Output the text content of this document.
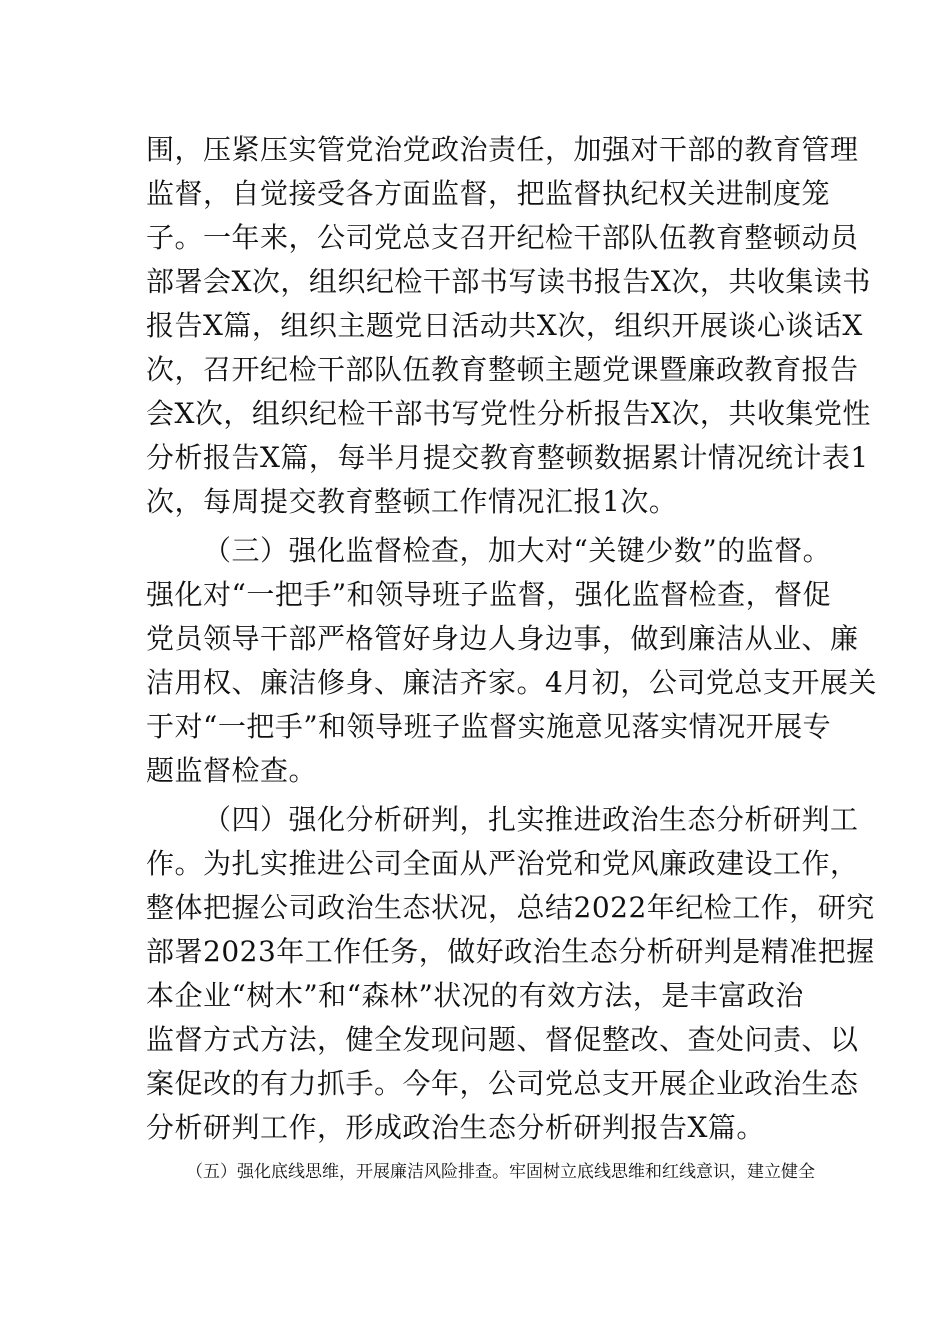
围，压紧压实管党治党政治责任，加强对干部的教育管理
监督，自觉接受各方面监督，把监督执纪权关进制度笼
子。一年来，公司党总支召开纪检干部队伍教育整顿动员
部署会X次，组织纪检干部书写读书报告X次，共收集读书
报告X篇，组织主题党日活动共X次，组织开展谈心谈话X
次，召开纪检干部队伍教育整顿主题党课暨廉政教育报告
会X次，组织纪检干部书写党性分析报告X次，共收集党性
分析报告X篇，每半月提交教育整顿数据累计情况统计表1
次，每周提交教育整顿工作情况汇报1次。
（三）强化监督检查，加大对“关键少数”的监督。
强化对“一把手”和领导班子监督，强化监督检查，督促
党员领导干部严格管好身边人身边事，做到廉洁从业、廉
洁用权、廉洁修身、廉洁齐家。4月初，公司党总支开展关
于对“一把手”和领导班子监督实施意见落实情况开展专
题监督检查。
（四）强化分析研判，扎实推进政治生态分析研判工
作。为扎实推进公司全面从严治党和党风廉政建设工作，
整体把握公司政治生态状况，总结2022年纪检工作，研究
部署2023年工作任务，做好政治生态分析研判是精准把握
本企业“树木”和“森林”状况的有效方法，是丰富政治
监督方式方法，健全发现问题、督促整改、查处问责、以
案促改的有力抓手。今年，公司党总支开展企业政治生态
分析研判工作，形成政治生态分析研判报告X篇。
（五）强化底线思维，开展廉洁风险排查。牢固树立底线思维和红线意识，建立健全
